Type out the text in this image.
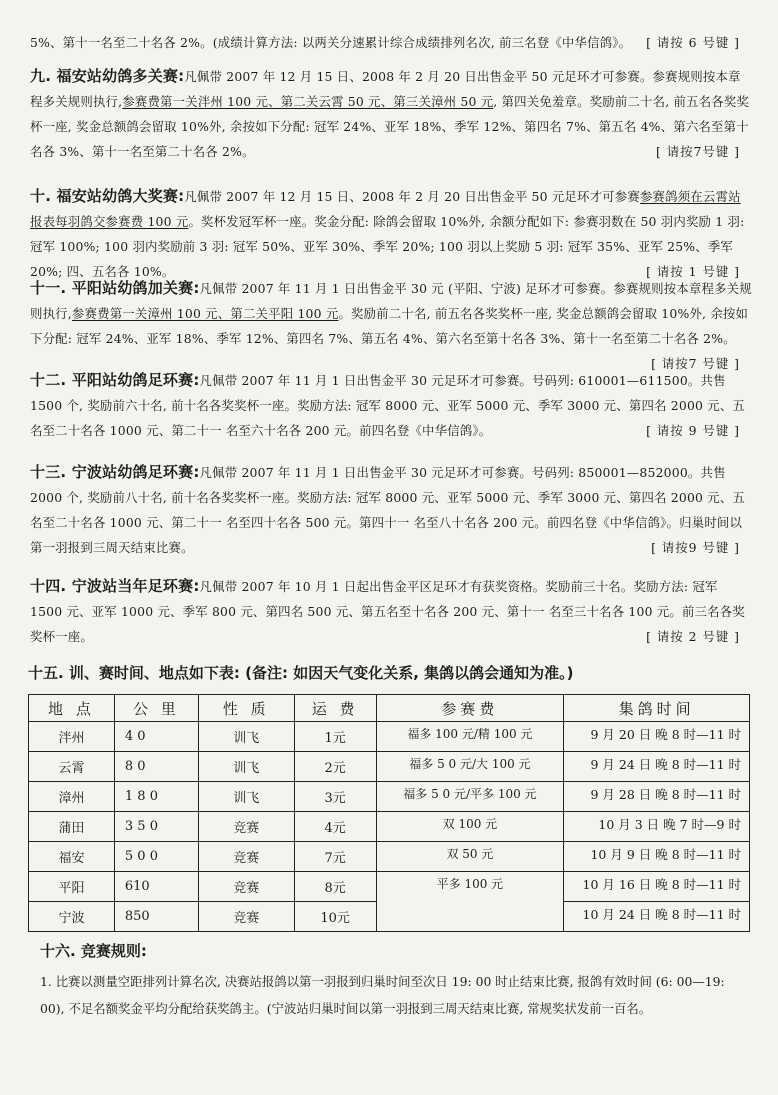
5%、第十一名至二十名各 2%。(成绩计算方法: 以两关分速累计综合成绩排列名次, 前三名登《中华信鸽》。 [ 请按 6 号键 ]

九. 福安站幼鸽多关赛:凡佩带 2007 年 12 月 15 日、2008 年 2 月 20 日出售金平 50 元足环才可参赛。参赛规则按本章程多关规则执行,参赛费第一关泮州 100 元、第二关云霄 50 元、第三关漳州 50 元, 第四关免羞章。奖励前二十名, 前五名各奖奖杯一座, 奖金总额鸽会留取 10%外, 余按如下分配: 冠军 24%、亚军 18%、季军 12%、第四名 7%、第五名 4%、第六名至第十名各 3%、第十一名至第二十名各 2%。	[ 请按7号键 ]

十. 福安站幼鸽大奖赛:凡佩带 2007 年 12 月 15 日、2008 年 2 月 20 日出售金平 50 元足环才可参赛参赛鸽须在云霄站报表每羽鸽交参赛费 100 元。奖杯发冠军杯一座。奖金分配: 除鸽会留取 10%外, 余额分配如下: 参赛羽数在 50 羽内奖励 1 羽: 冠军 100%; 100 羽内奖励前 3 羽: 冠军 50%、亚军 30%、季军 20%; 100 羽以上奖励 5 羽: 冠军 35%、亚军 25%、季军 20%; 四、五名各 10%。	[ 请按 1 号键 ]

十一. 平阳站幼鸽加关赛:凡佩带 2007 年 11 月 1 日出售金平 30 元 (平阳、宁波) 足环才可参赛。参赛规则按本章程多关规则执行,参赛费第一关漳州 100 元、第二关平阳 100 元。奖励前二十名, 前五名各奖奖杯一座, 奖金总额鸽会留取 10%外, 余按如下分配: 冠军 24%、亚军 18%、季军 12%、第四名 7%、第五名 4%、第六名至第十名各 3%、第十一名至第二十名各 2%。
[ 请按7 号键 ]

十二. 平阳站幼鸽足环赛:凡佩带 2007 年 11 月 1 日出售金平 30 元足环才可参赛。号码列: 610001—611500。共售 1500 个, 奖励前六十名, 前十名各奖奖杯一座。奖励方法: 冠军 8000 元、亚军 5000 元、季军 3000 元、第四名 2000 元、五名至二十名各 1000 元、第二十一 名至六十名各 200 元。前四名登《中华信鸽》。	[ 请按 9 号键 ]

十三. 宁波站幼鸽足环赛:凡佩带 2007 年 11 月 1 日出售金平 30 元足环才可参赛。号码列: 850001—852000。共售 2000 个, 奖励前八十名, 前十名各奖奖杯一座。奖励方法: 冠军 8000 元、亚军 5000 元、季军 3000 元、第四名 2000 元、五名至二十名各 1000 元、第二十一 名至四十名各 500 元。第四十一 名至八十名各 200 元。前四名登《中华信鸽》。归巢时间以第一羽报到三周天结束比赛。	[ 请按9 号键 ]

十四. 宁波站当年足环赛:凡佩带 2007 年 10 月 1 日起出售金平区足环才有获奖资格。奖励前三十名。奖励方法: 冠军 1500 元、亚军 1000 元、季军 800 元、第四名 500 元、第五名至十名各 200 元、第十一 名至三十名各 100 元。前三名各奖奖杯一座。	[ 请按 2 号键 ]

十五. 训、赛时间、地点如下表: (备注: 如因天气变化关系, 集鸽以鸽会通知为准。)
地 点	公 里	性 质	运 费	参赛费	集鸽时间
泮州	4 0	训飞	1元	福多 100 元/精 100 元	9 月 20 日 晚 8 时—11 时
云霄	8 0	训飞	2元	福多 5 0 元/大 100 元	9 月 24 日 晚 8 时—11 时
漳州	1 8 0	训飞	3元	福多 5 0 元/平多 100 元	9 月 28 日 晚 8 时—11 时
蒲田	3 5 0	竞赛	4元	双 100 元	10 月 3 日 晚 7 时—9 时
福安	5 0 0	竞赛	7元	双 50 元	10 月 9 日 晚 8 时—11 时
平阳	610	竞赛	8元	平多 100 元	10 月 16 日 晚 8 时—11 时
宁波	850	竞赛	10元		10 月 24 日 晚 8 时—11 时
十六. 竞赛规则:

1. 比赛以测量空距排列计算名次, 决赛站报鸽以第一羽报到归巢时间至次日 19: 00 时止结束比赛, 报鸽有效时间 (6: 00—19: 00), 不足名额奖金平均分配给获奖鸽主。(宁波站归巢时间以第一羽报到三周天结束比赛, 常规奖状发前一百名。
